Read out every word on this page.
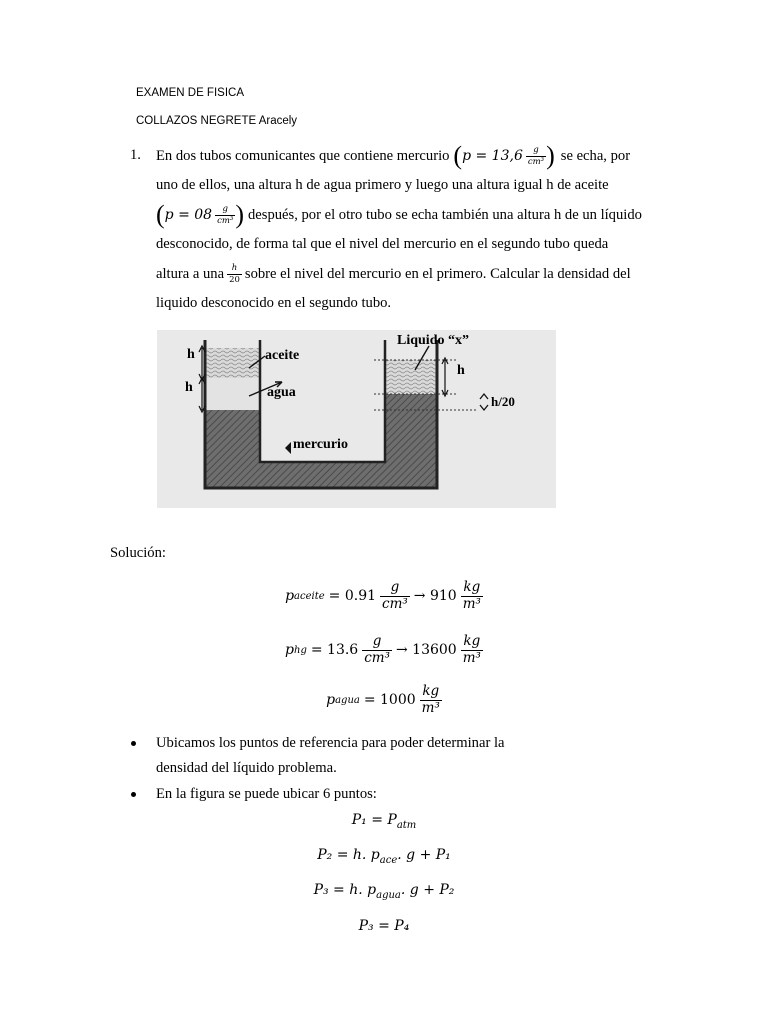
EXAMEN DE FISICA
COLLAZOS NEGRETE Aracely
1. En dos tubos comunicantes que contiene mercurio ( $p = 13,6 \frac{g}{\text{cm³}}$ ) se echa, por
uno de ellos, una altura h de agua primero y luego una altura igual h de aceite
( $p = 08 \frac{g}{\text{cm³}}$ ) después, por el otro tubo se echa también una altura h de un líquido
desconocido, de forma tal que el nivel del mercurio en el segundo tubo queda
altura a una $\frac{h}{20}$ sobre el nivel del mercurio en el primero. Calcular la densidad del
liquido desconocido en el segundo tubo.
h
h
aceite
agua
mercurio
Liquido “x”
h
h/20
Solución:
p aceite = $0.91 \frac{g}{\text{cm³}} \to 910 \frac{kg}{\text{m³}}$
p hg = $13.6 \frac{g}{\text{cm³}} \to 13600 \frac{kg}{\text{m³}}$
p agua = $1000 \frac{kg}{\text{m³}}$
Ubicamos los puntos de referencia para poder determinar la
densidad del líquido problema.
En la figura se puede ubicar 6 puntos:
$P_1 = P_{atm}$
P₂ = h. $p_{ace}$. g + P₁
P₃ = h. $p_{agua}$. g + P₂
P₃ = P₄
